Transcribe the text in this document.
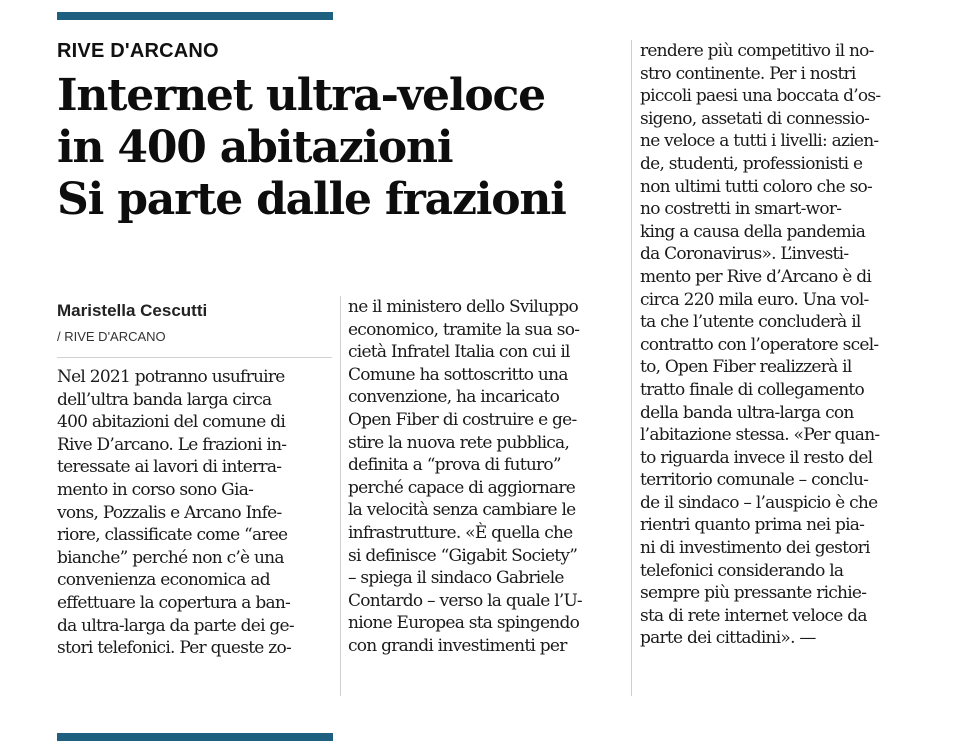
RIVE D'ARCANO
Internet ultra-veloce
in 400 abitazioni
Si parte dalle frazioni
Maristella Cescutti
/ RIVE D'ARCANO
Nel 2021 potranno usufruire
dell’ultra banda larga circa
400 abitazioni del comune di
Rive D’arcano. Le frazioni in-
teressate ai lavori di interra-
mento in corso sono Gia-
vons, Pozzalis e Arcano Infe-
riore, classificate come “aree
bianche” perché non c’è una
convenienza economica ad
effettuare la copertura a ban-
da ultra-larga da parte dei ge-
stori telefonici. Per queste zo-
ne il ministero dello Sviluppo
economico, tramite la sua so-
cietà Infratel Italia con cui il
Comune ha sottoscritto una
convenzione, ha incaricato
Open Fiber di costruire e ge-
stire la nuova rete pubblica,
definita a “prova di futuro”
perché capace di aggiornare
la velocità senza cambiare le
infrastrutture. «È quella che
si definisce “Gigabit Society”
– spiega il sindaco Gabriele
Contardo – verso la quale l’U-
nione Europea sta spingendo
con grandi investimenti per
rendere più competitivo il no-
stro continente. Per i nostri
piccoli paesi una boccata d’os-
sigeno, assetati di connessio-
ne veloce a tutti i livelli: azien-
de, studenti, professionisti e
non ultimi tutti coloro che so-
no costretti in smart-wor-
king a causa della pandemia
da Coronavirus». L’investi-
mento per Rive d’Arcano è di
circa 220 mila euro. Una vol-
ta che l’utente concluderà il
contratto con l’operatore scel-
to, Open Fiber realizzerà il
tratto finale di collegamento
della banda ultra-larga con
l’abitazione stessa. «Per quan-
to riguarda invece il resto del
territorio comunale – conclu-
de il sindaco – l’auspicio è che
rientri quanto prima nei pia-
ni di investimento dei gestori
telefonici considerando la
sempre più pressante richie-
sta di rete internet veloce da
parte dei cittadini». —
